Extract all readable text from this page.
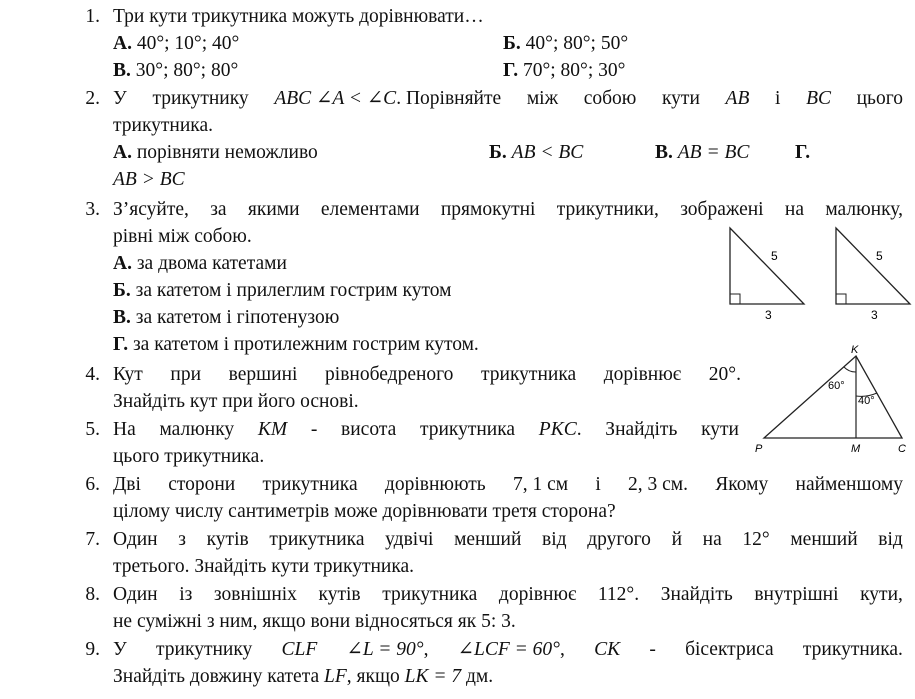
1. Три кути трикутника можуть дорівнювати…
А. 40°; 10°; 40°	Б. 40°; 80°; 50°
В. 30°; 80°; 80°	Г. 70°; 80°; 30°
2. У трикутнику ABC ∠A < ∠C. Порівняйте між собою кути AB і BC цього
трикутника.
А. порівняти неможливо	Б. AB < BC	В. AB = BC Г.
AB > BC
3. З’ясуйте, за якими елементами прямокутні трикутники, зображені на малюнку,
рівні між собою.
А. за двома катетами
Б. за катетом і прилеглим гострим кутом
В. за катетом і гіпотенузою
Г. за катетом і протилежним гострим кутом.
5
3
5
3
4. Кут при вершині рівнобедреного трикутника дорівнює 20°.
Знайдіть кут при його основі.
5. На малюнку KM - висота трикутника PKC. Знайдіть кути
цього трикутника.
K
P	M	C
60°
40°
6. Дві сторони трикутника дорівнюють 7, 1 см і 2, 3 см. Якому найменшому
цілому числу сантиметрів може дорівнювати третя сторона?
7. Один з кутів трикутника удвічі менший від другого й на 12° менший від
третього. Знайдіть кути трикутника.
8. Один із зовнішніх кутів трикутника дорівнює 112°. Знайдіть внутрішні кути,
не суміжні з ним, якщо вони відносяться як 5: 3.
9. У трикутнику CLF ∠L = 90°, ∠LCF = 60°, CK - бісектриса трикутника.
Знайдіть довжину катета LF, якщо LK = 7 дм.
